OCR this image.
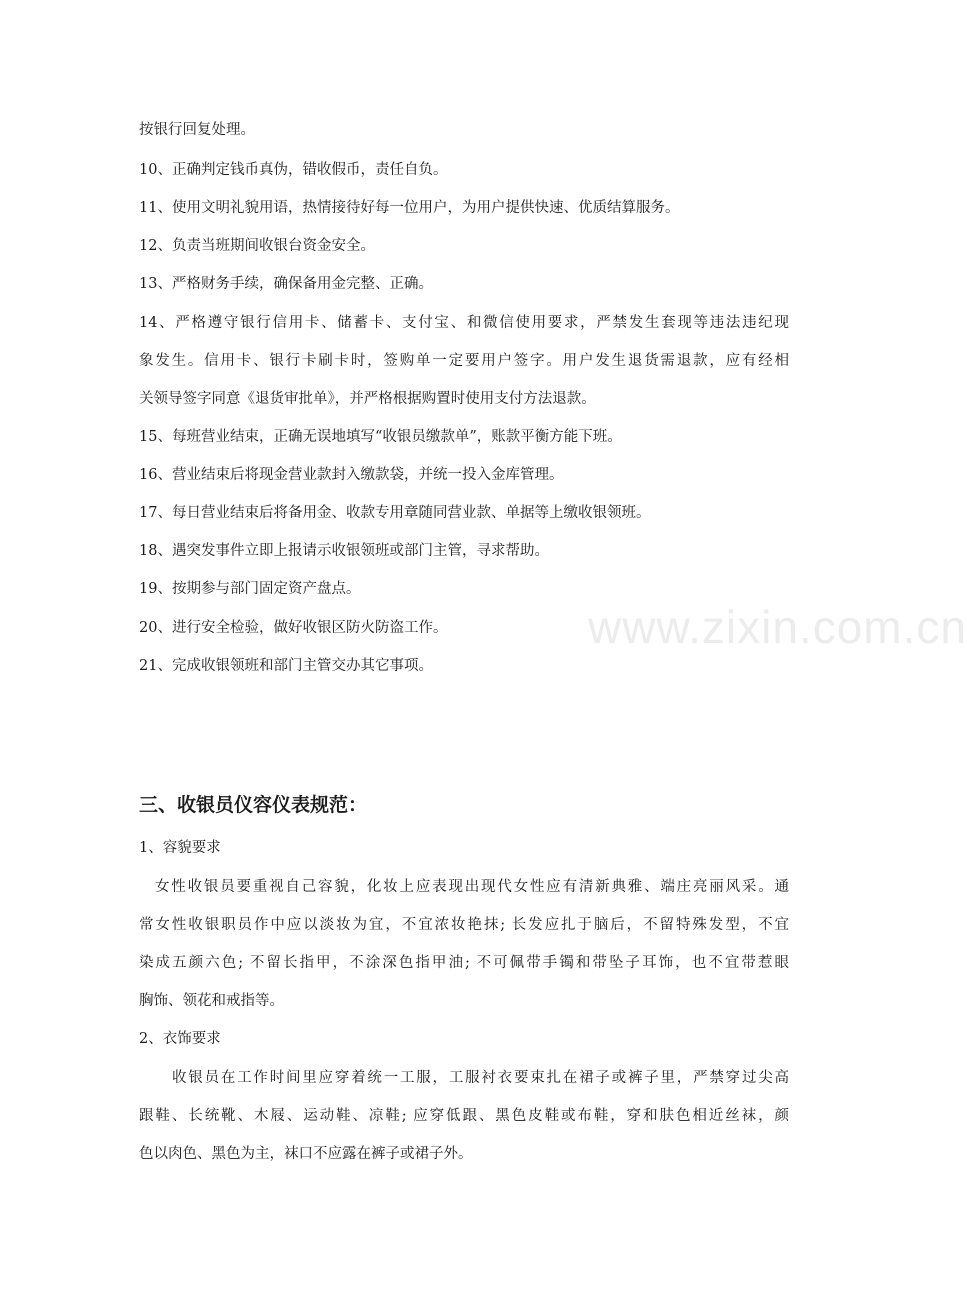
按银行回复处理。
10、正确判定钱币真伪，错收假币，责任自负。
11、使用文明礼貌用语，热情接待好每一位用户，为用户提供快速、优质结算服务。
12、负责当班期间收银台资金安全。
13、严格财务手续，确保备用金完整、正确。
14、严格遵守银行信用卡、储蓄卡、支付宝、和微信使用要求，严禁发生套现等违法违纪现
象发生。信用卡、银行卡刷卡时，签购单一定要用户签字。用户发生退货需退款，应有经相
关领导签字同意《退货审批单》，并严格根据购置时使用支付方法退款。
15、每班营业结束，正确无误地填写“收银员缴款单”，账款平衡方能下班。
16、营业结束后将现金营业款封入缴款袋，并统一投入金库管理。
17、每日营业结束后将备用金、收款专用章随同营业款、单据等上缴收银领班。
18、遇突发事件立即上报请示收银领班或部门主管，寻求帮助。
19、按期参与部门固定资产盘点。
20、进行安全检验，做好收银区防火防盗工作。
21、完成收银领班和部门主管交办其它事项。
三、收银员仪容仪表规范：
1、容貌要求
女性收银员要重视自己容貌，化妆上应表现出现代女性应有清新典雅、端庄亮丽风采。通
常女性收银职员作中应以淡妆为宜，不宜浓妆艳抹; 长发应扎于脑后，不留特殊发型，不宜
染成五颜六色; 不留长指甲，不涂深色指甲油; 不可佩带手镯和带坠子耳饰，也不宜带惹眼
胸饰、领花和戒指等。
2、衣饰要求
收银员在工作时间里应穿着统一工服，工服衬衣要束扎在裙子或裤子里，严禁穿过尖高
跟鞋、长统靴、木屐、运动鞋、凉鞋; 应穿低跟、黑色皮鞋或布鞋，穿和肤色相近丝袜，颜
色以肉色、黑色为主，袜口不应露在裤子或裙子外。
www.zixin.com.cn
